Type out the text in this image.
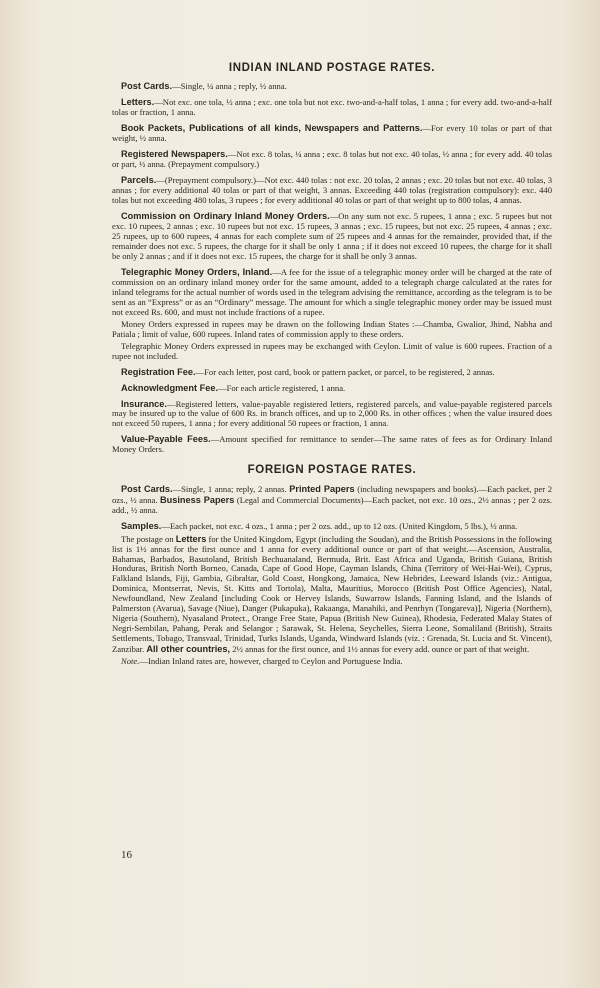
INDIAN INLAND POSTAGE RATES.

Post Cards.—Single, ¼ anna ; reply, ½ anna.

Letters.—Not exc. one tola, ½ anna ; exc. one tola but not exc. two-and-a-half tolas, 1 anna ; for every add. two-and-a-half tolas or fraction, 1 anna.

Book Packets, Publications of all kinds, Newspapers and Patterns.—For every 10 tolas or part of that weight, ½ anna.

Registered Newspapers.—Not exc. 8 tolas, ¼ anna ; exc. 8 tolas but not exc. 40 tolas, ½ anna ; for every add. 40 tolas or part, ½ anna. (Prepayment compulsory.)

Parcels.—(Prepayment compulsory.)—Not exc. 440 tolas : not exc. 20 tolas, 2 annas ; exc. 20 tolas but not exc. 40 tolas, 3 annas ; for every additional 40 tolas or part of that weight, 3 annas. Exceeding 440 tolas (registration compulsory): exc. 440 tolas but not exceeding 480 tolas, 3 rupees ; for every additional 40 tolas or part of that weight up to 800 tolas, 4 annas.

Commission on Ordinary Inland Money Orders.—On any sum not exc. 5 rupees, 1 anna ; exc. 5 rupees but not exc. 10 rupees, 2 annas ; exc. 10 rupees but not exc. 15 rupees, 3 annas ; exc. 15 rupees, but not exc. 25 rupees, 4 annas ; exc. 25 rupees, up to 600 rupees, 4 annas for each complete sum of 25 rupees and 4 annas for the remainder, provided that, if the remainder does not exc. 5 rupees, the charge for it shall be only 1 anna ; if it does not exceed 10 rupees, the charge for it shall be only 2 annas ; and if it does not exc. 15 rupees, the charge for it shall be only 3 annas.

Telegraphic Money Orders, Inland.—A fee for the issue of a telegraphic money order will be charged at the rate of commission on an ordinary inland money order for the same amount, added to a telegraph charge calculated at the rates for inland telegrams for the actual number of words used in the telegram advising the remittance, according as the telegram is to be sent as an “Express” or as an “Ordinary” message. The amount for which a single telegraphic money order may be issued must not exceed Rs. 600, and must not include fractions of a rupee.

Money Orders expressed in rupees may be drawn on the following Indian States :—Chamba, Gwalior, Jhind, Nabha and Patiala ; limit of value, 600 rupees. Inland rates of commission apply to these orders.

Telegraphic Money Orders expressed in rupees may be exchanged with Ceylon. Limit of value is 600 rupees. Fraction of a rupee not included.

Registration Fee.—For each letter, post card, book or pattern packet, or parcel, to be registered, 2 annas.

Acknowledgment Fee.—For each article registered, 1 anna.

Insurance.—Registered letters, value-payable registered letters, registered parcels, and value-payable registered parcels may be insured up to the value of 600 Rs. in branch offices, and up to 2,000 Rs. in other offices ; when the value insured does not exceed 50 rupees, 1 anna ; for every additional 50 rupees or fraction, 1 anna.

Value-Payable Fees.—Amount specified for remittance to sender—The same rates of fees as for Ordinary Inland Money Orders.

FOREIGN POSTAGE RATES.

Post Cards.—Single, 1 anna; reply, 2 annas. Printed Papers (including newspapers and books).—Each packet, per 2 ozs., ½ anna. Business Papers (Legal and Commercial Documents)—Each packet, not exc. 10 ozs., 2½ annas ; per 2 ozs. add., ½ anna.

Samples.—Each packet, not exc. 4 ozs., 1 anna ; per 2 ozs. add., up to 12 ozs. (United Kingdom, 5 lbs.), ½ anna.

The postage on Letters for the United Kingdom, Egypt (including the Soudan), and the British Possessions in the following list is 1½ annas for the first ounce and 1 anna for every additional ounce or part of that weight.—Ascension, Australia, Bahamas, Barbados, Basutoland, British Bechuanaland, Bermuda, Brit. East Africa and Uganda, British Guiana, British Honduras, British North Borneo, Canada, Cape of Good Hope, Cayman Islands, China (Territory of Wei-Hai-Wei), Cyprus, Falkland Islands, Fiji, Gambia, Gibraltar, Gold Coast, Hongkong, Jamaica, New Hebrides, Leeward Islands (viz.: Antigua, Dominica, Montserrat, Nevis, St. Kitts and Tortola), Malta, Mauritius, Morocco (British Post Office Agencies), Natal, Newfoundland, New Zealand [including Cook or Hervey Islands, Suwarrow Islands, Fanning Island, and the Islands of Palmerston (Avarua), Savage (Niue), Danger (Pukapuka), Rakaanga, Manahiki, and Penrhyn (Tongareva)], Nigeria (Northern), Nigeria (Southern), Nyasaland Protect., Orange Free State, Papua (British New Guinea), Rhodesia, Federated Malay States of Negri-Sembilan, Pahang, Perak and Selangor ; Sarawak, St. Helena, Seychelles, Sierra Leone, Somaliland (British), Straits Settlements, Tobago, Transvaal, Trinidad, Turks Islands, Uganda, Windward Islands (viz. : Grenada, St. Lucia and St. Vincent), Zanzibar. All other countries, 2½ annas for the first ounce, and 1½ annas for every add. ounce or part of that weight.

Note.—Indian Inland rates are, however, charged to Ceylon and Portuguese India.

16
